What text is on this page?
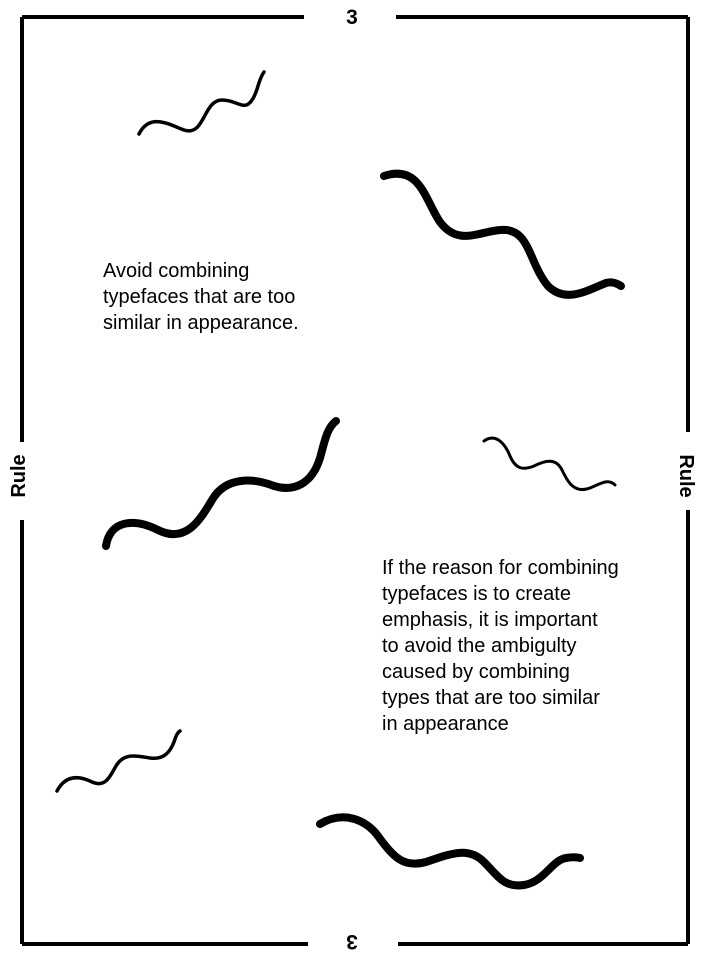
3
3
Rule	Rule
Avoid combining
typefaces that are too
similar in appearance.
If the reason for combining
typefaces is to create
emphasis, it is important
to avoid the ambigulty
caused by combining
types that are too similar
in appearance
